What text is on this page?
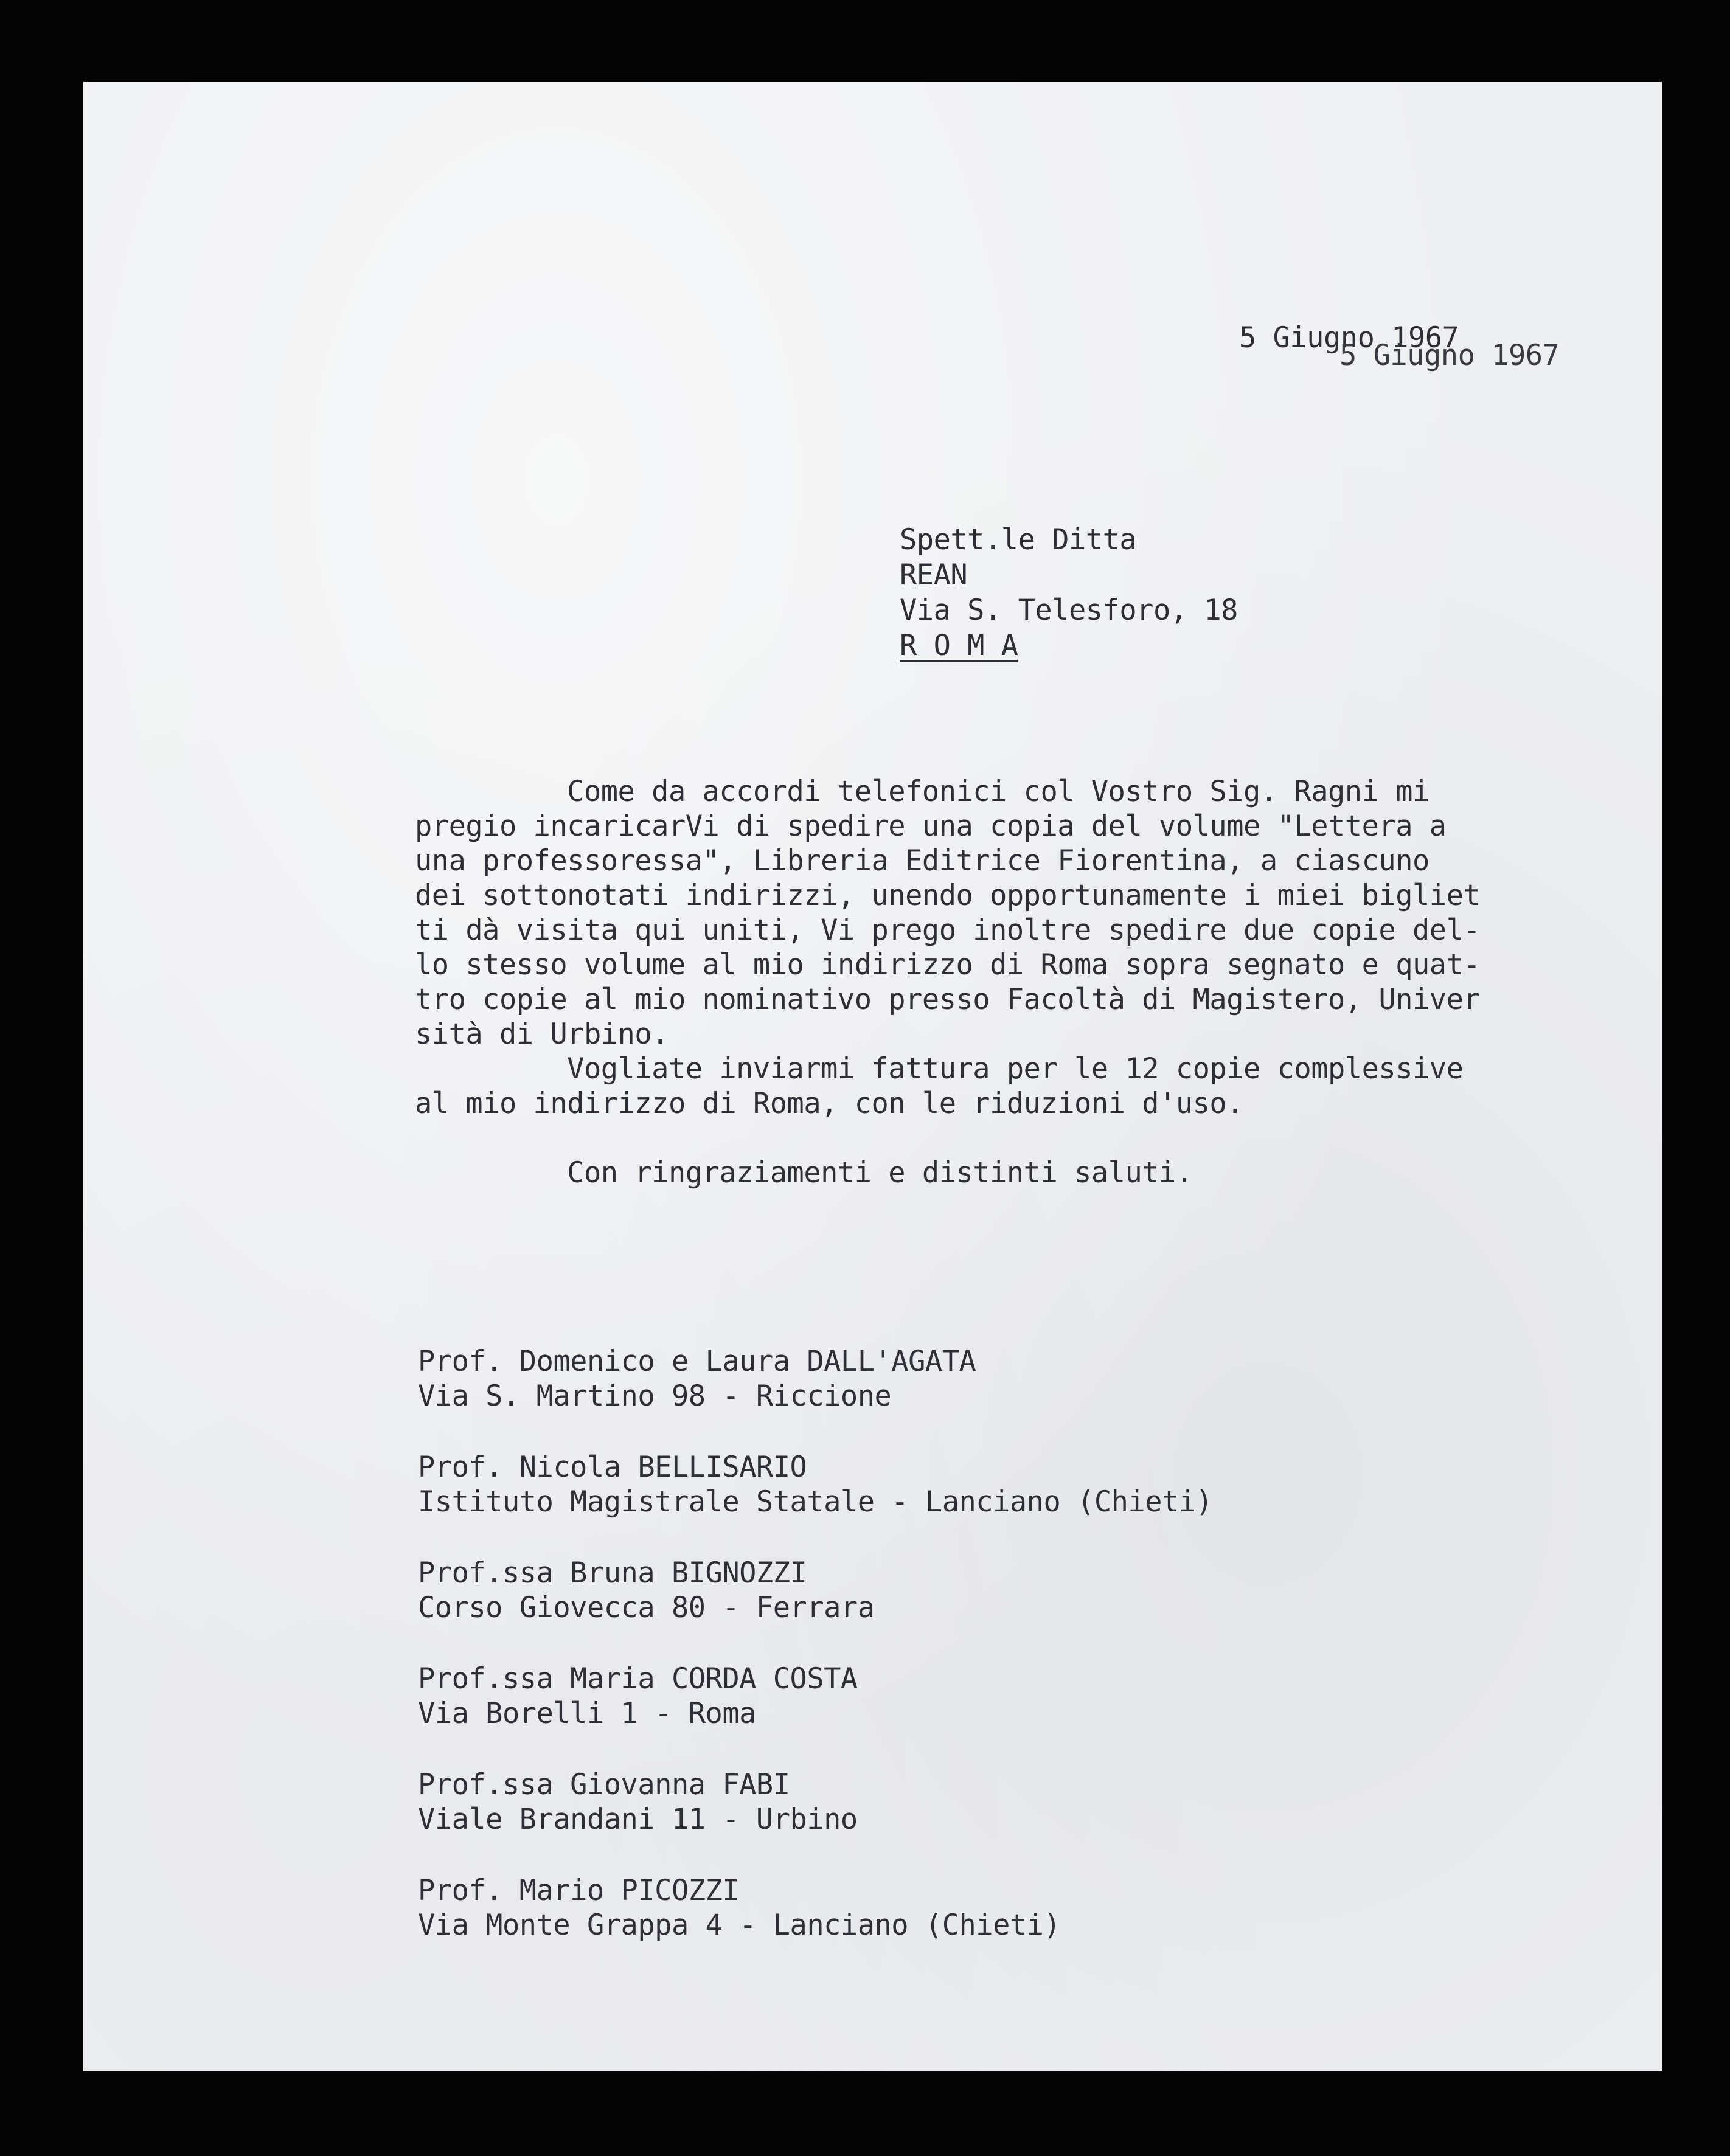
5 Giugno 1967
5 Giugno 1967
Spett.le Ditta
REAN
Via S. Telesforo, 18
R O M A
Come da accordi telefonici col Vostro Sig. Ragni mi
pregio incaricarVi di spedire una copia del volume "Lettera a
una professoressa", Libreria Editrice Fiorentina, a ciascuno
dei sottonotati indirizzi, unendo opportunamente i miei bigliet
ti dà visita qui uniti, Vi prego inoltre spedire due copie del-
lo stesso volume al mio indirizzo di Roma sopra segnato e quat-
tro copie al mio nominativo presso Facoltà di Magistero, Univer
sità di Urbino.
Vogliate inviarmi fattura per le 12 copie complessive
al mio indirizzo di Roma, con le riduzioni d'uso.

Con ringraziamenti e distinti saluti.
Prof. Domenico e Laura DALL'AGATA
Via S. Martino 98 - Riccione
Prof. Nicola BELLISARIO
Istituto Magistrale Statale - Lanciano (Chieti)
Prof.ssa Bruna BIGNOZZI
Corso Giovecca 80 - Ferrara
Prof.ssa Maria CORDA COSTA
Via Borelli 1 - Roma
Prof.ssa Giovanna FABI
Viale Brandani 11 - Urbino
Prof. Mario PICOZZI
Via Monte Grappa 4 - Lanciano (Chieti)
